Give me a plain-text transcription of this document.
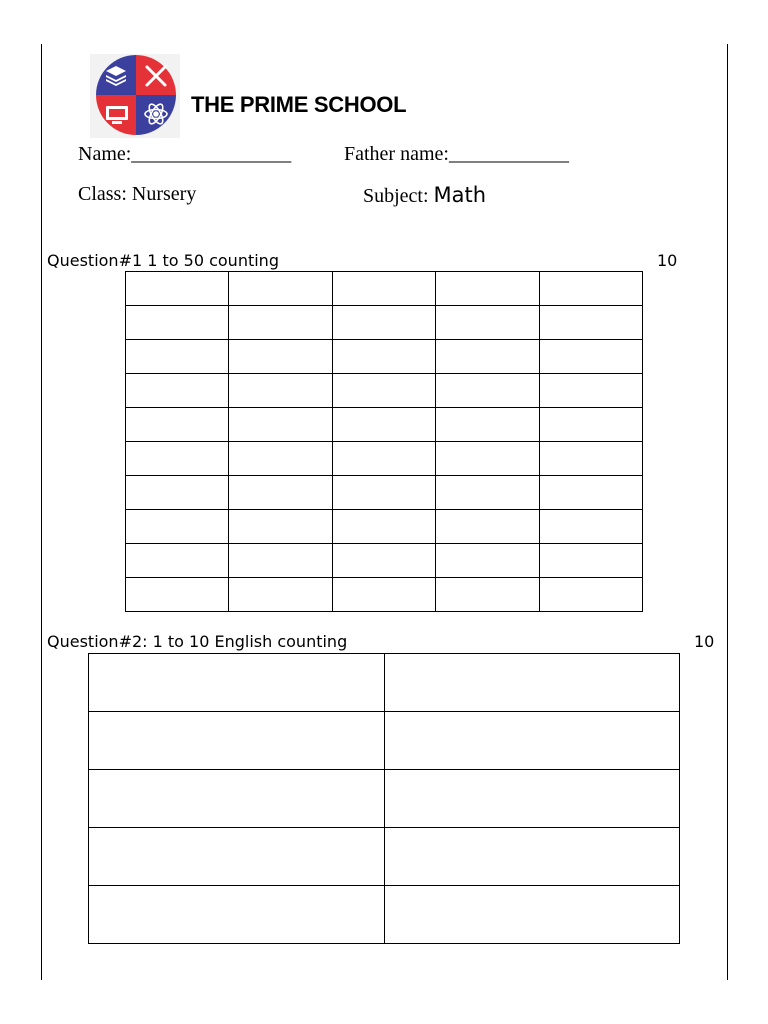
THE PRIME SCHOOL
Name:________________	Father name:____________
Class: Nursery	Subject: Math
Question#1 1 to 50 counting	10

Question#2: 1 to 10 English counting	10
